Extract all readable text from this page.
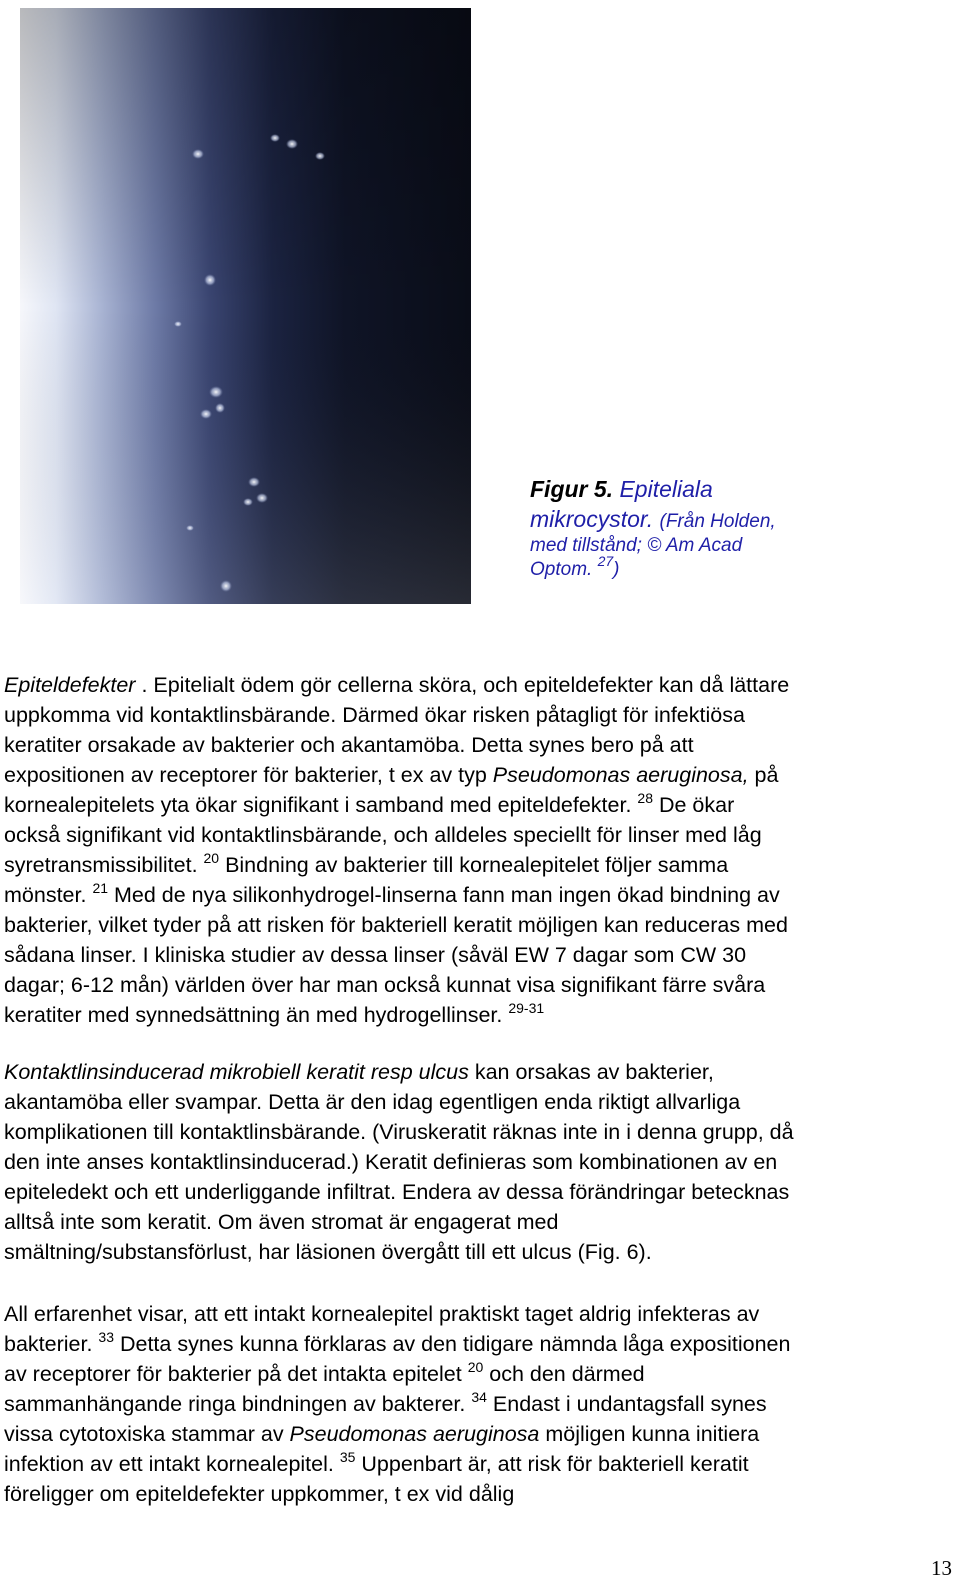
Figur 5. Epiteliala
mikrocystor. (Från Holden,
med tillstånd; © Am Acad
Optom. $^{27}$)
Epiteldefekter . Epitelialt ödem gör cellerna sköra, och epiteldefekter kan då lättare
uppkomma vid kontaktlinsbärande. Därmed ökar risken påtagligt för infektiösa
keratiter orsakade av bakterier och akantamöba. Detta synes bero på att
expositionen av receptorer för bakterier, t ex av typ Pseudomonas aeruginosa, på
kornealepitelets yta ökar signifikant i samband med epiteldefekter. $^{28}$ De ökar
också signifikant vid kontaktlinsbärande, och alldeles speciellt för linser med låg
syretransmissibilitet. $^{20}$ Bindning av bakterier till kornealepitelet följer samma
mönster. $^{21}$ Med de nya silikonhydrogel-linserna fann man ingen ökad bindning av
bakterier, vilket tyder på att risken för bakteriell keratit möjligen kan reduceras med
sådana linser. I kliniska studier av dessa linser (såväl EW 7 dagar som CW 30
dagar; 6-12 mån) världen över har man också kunnat visa signifikant färre svåra
keratiter med synnedsättning än med hydrogellinser. $^{29-31}$
Kontaktlinsinducerad mikrobiell keratit resp ulcus kan orsakas av bakterier,
akantamöba eller svampar. Detta är den idag egentligen enda riktigt allvarliga
komplikationen till kontaktlinsbärande. (Viruskeratit räknas inte in i denna grupp, då
den inte anses kontaktlinsinducerad.) Keratit definieras som kombinationen av en
epiteledekt och ett underliggande infiltrat. Endera av dessa förändringar betecknas
alltså inte som keratit. Om även stromat är engagerat med
smältning/substansförlust, har läsionen övergått till ett ulcus (Fig. 6).
All erfarenhet visar, att ett intakt kornealepitel praktiskt taget aldrig infekteras av
bakterier. $^{33}$ Detta synes kunna förklaras av den tidigare nämnda låga expositionen
av receptorer för bakterier på det intakta epitelet $^{20}$ och den därmed
sammanhängande ringa bindningen av bakterer. $^{34}$ Endast i undantagsfall synes
vissa cytotoxiska stammar av Pseudomonas aeruginosa möjligen kunna initiera
infektion av ett intakt kornealepitel. $^{35}$ Uppenbart är, att risk för bakteriell keratit
föreligger om epiteldefekter uppkommer, t ex vid dålig
13
